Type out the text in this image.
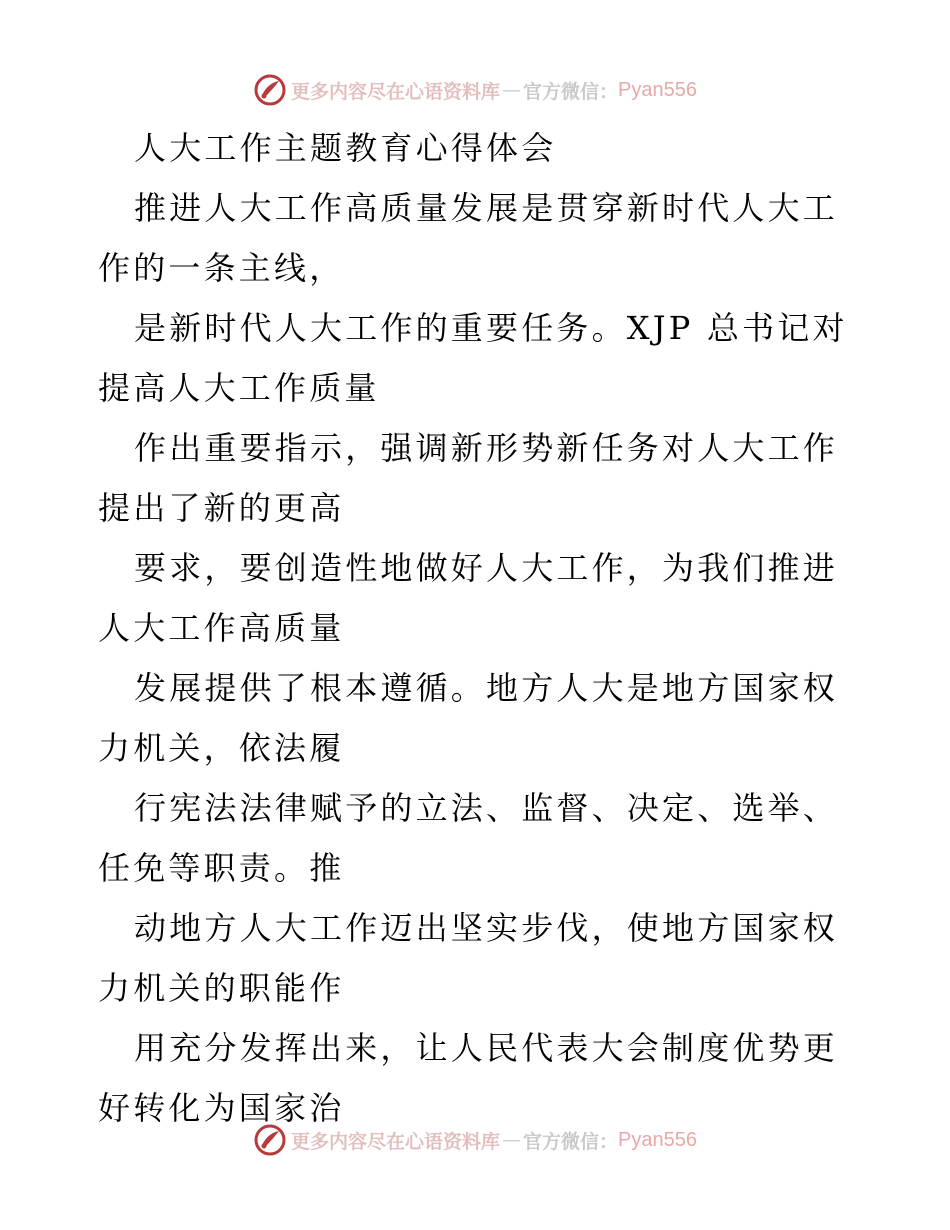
更多内容尽在心语资料库 — 官方微信： Pyan556

人大工作主题教育心得体会

推进人大工作高质量发展是贯穿新时代人大工作的一条主线，

是新时代人大工作的重要任务。XJP 总书记对提高人大工作质量

作出重要指示，强调新形势新任务对人大工作提出了新的更高

要求，要创造性地做好人大工作，为我们推进人大工作高质量

发展提供了根本遵循。地方人大是地方国家权力机关，依法履

行宪法法律赋予的立法、监督、决定、选举、任免等职责。推

动地方人大工作迈出坚实步伐，使地方国家权力机关的职能作

用充分发挥出来，让人民代表大会制度优势更好转化为国家治

更多内容尽在心语资料库 — 官方微信： Pyan556
